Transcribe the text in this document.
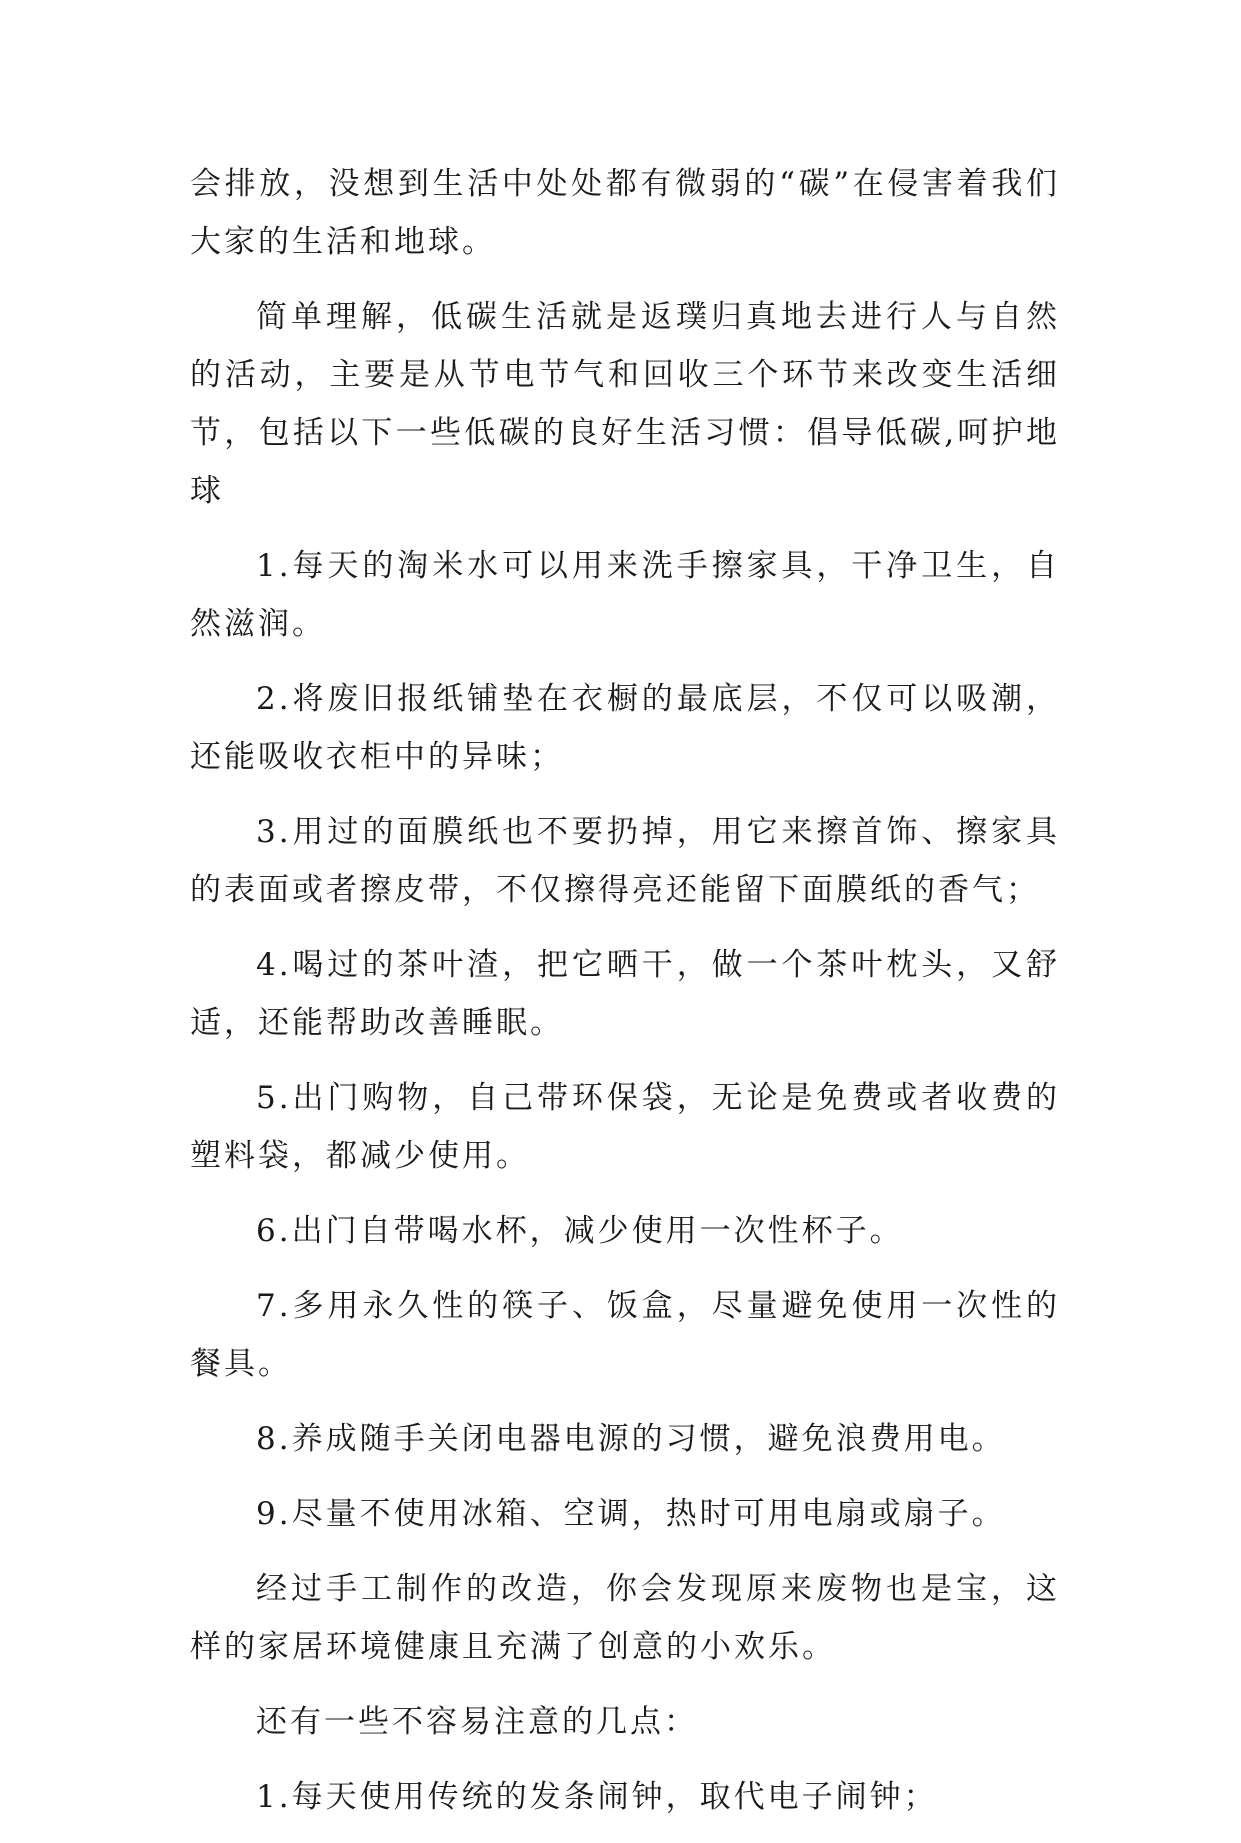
会排放，没想到生活中处处都有微弱的“碳”在侵害着我们大家的生活和地球。

简单理解，低碳生活就是返璞归真地去进行人与自然的活动，主要是从节电节气和回收三个环节来改变生活细节，包括以下一些低碳的良好生活习惯：倡导低碳,呵护地球

1.每天的淘米水可以用来洗手擦家具，干净卫生，自然滋润。

2.将废旧报纸铺垫在衣橱的最底层，不仅可以吸潮，还能吸收衣柜中的异味；

3.用过的面膜纸也不要扔掉，用它来擦首饰、擦家具的表面或者擦皮带，不仅擦得亮还能留下面膜纸的香气；

4.喝过的茶叶渣，把它晒干，做一个茶叶枕头，又舒适，还能帮助改善睡眠。

5.出门购物，自己带环保袋，无论是免费或者收费的塑料袋，都减少使用。

6.出门自带喝水杯，减少使用一次性杯子。

7.多用永久性的筷子、饭盒，尽量避免使用一次性的餐具。

8.养成随手关闭电器电源的习惯，避免浪费用电。

9.尽量不使用冰箱、空调，热时可用电扇或扇子。

经过手工制作的改造，你会发现原来废物也是宝，这样的家居环境健康且充满了创意的小欢乐。

还有一些不容易注意的几点：

1.每天使用传统的发条闹钟，取代电子闹钟；
